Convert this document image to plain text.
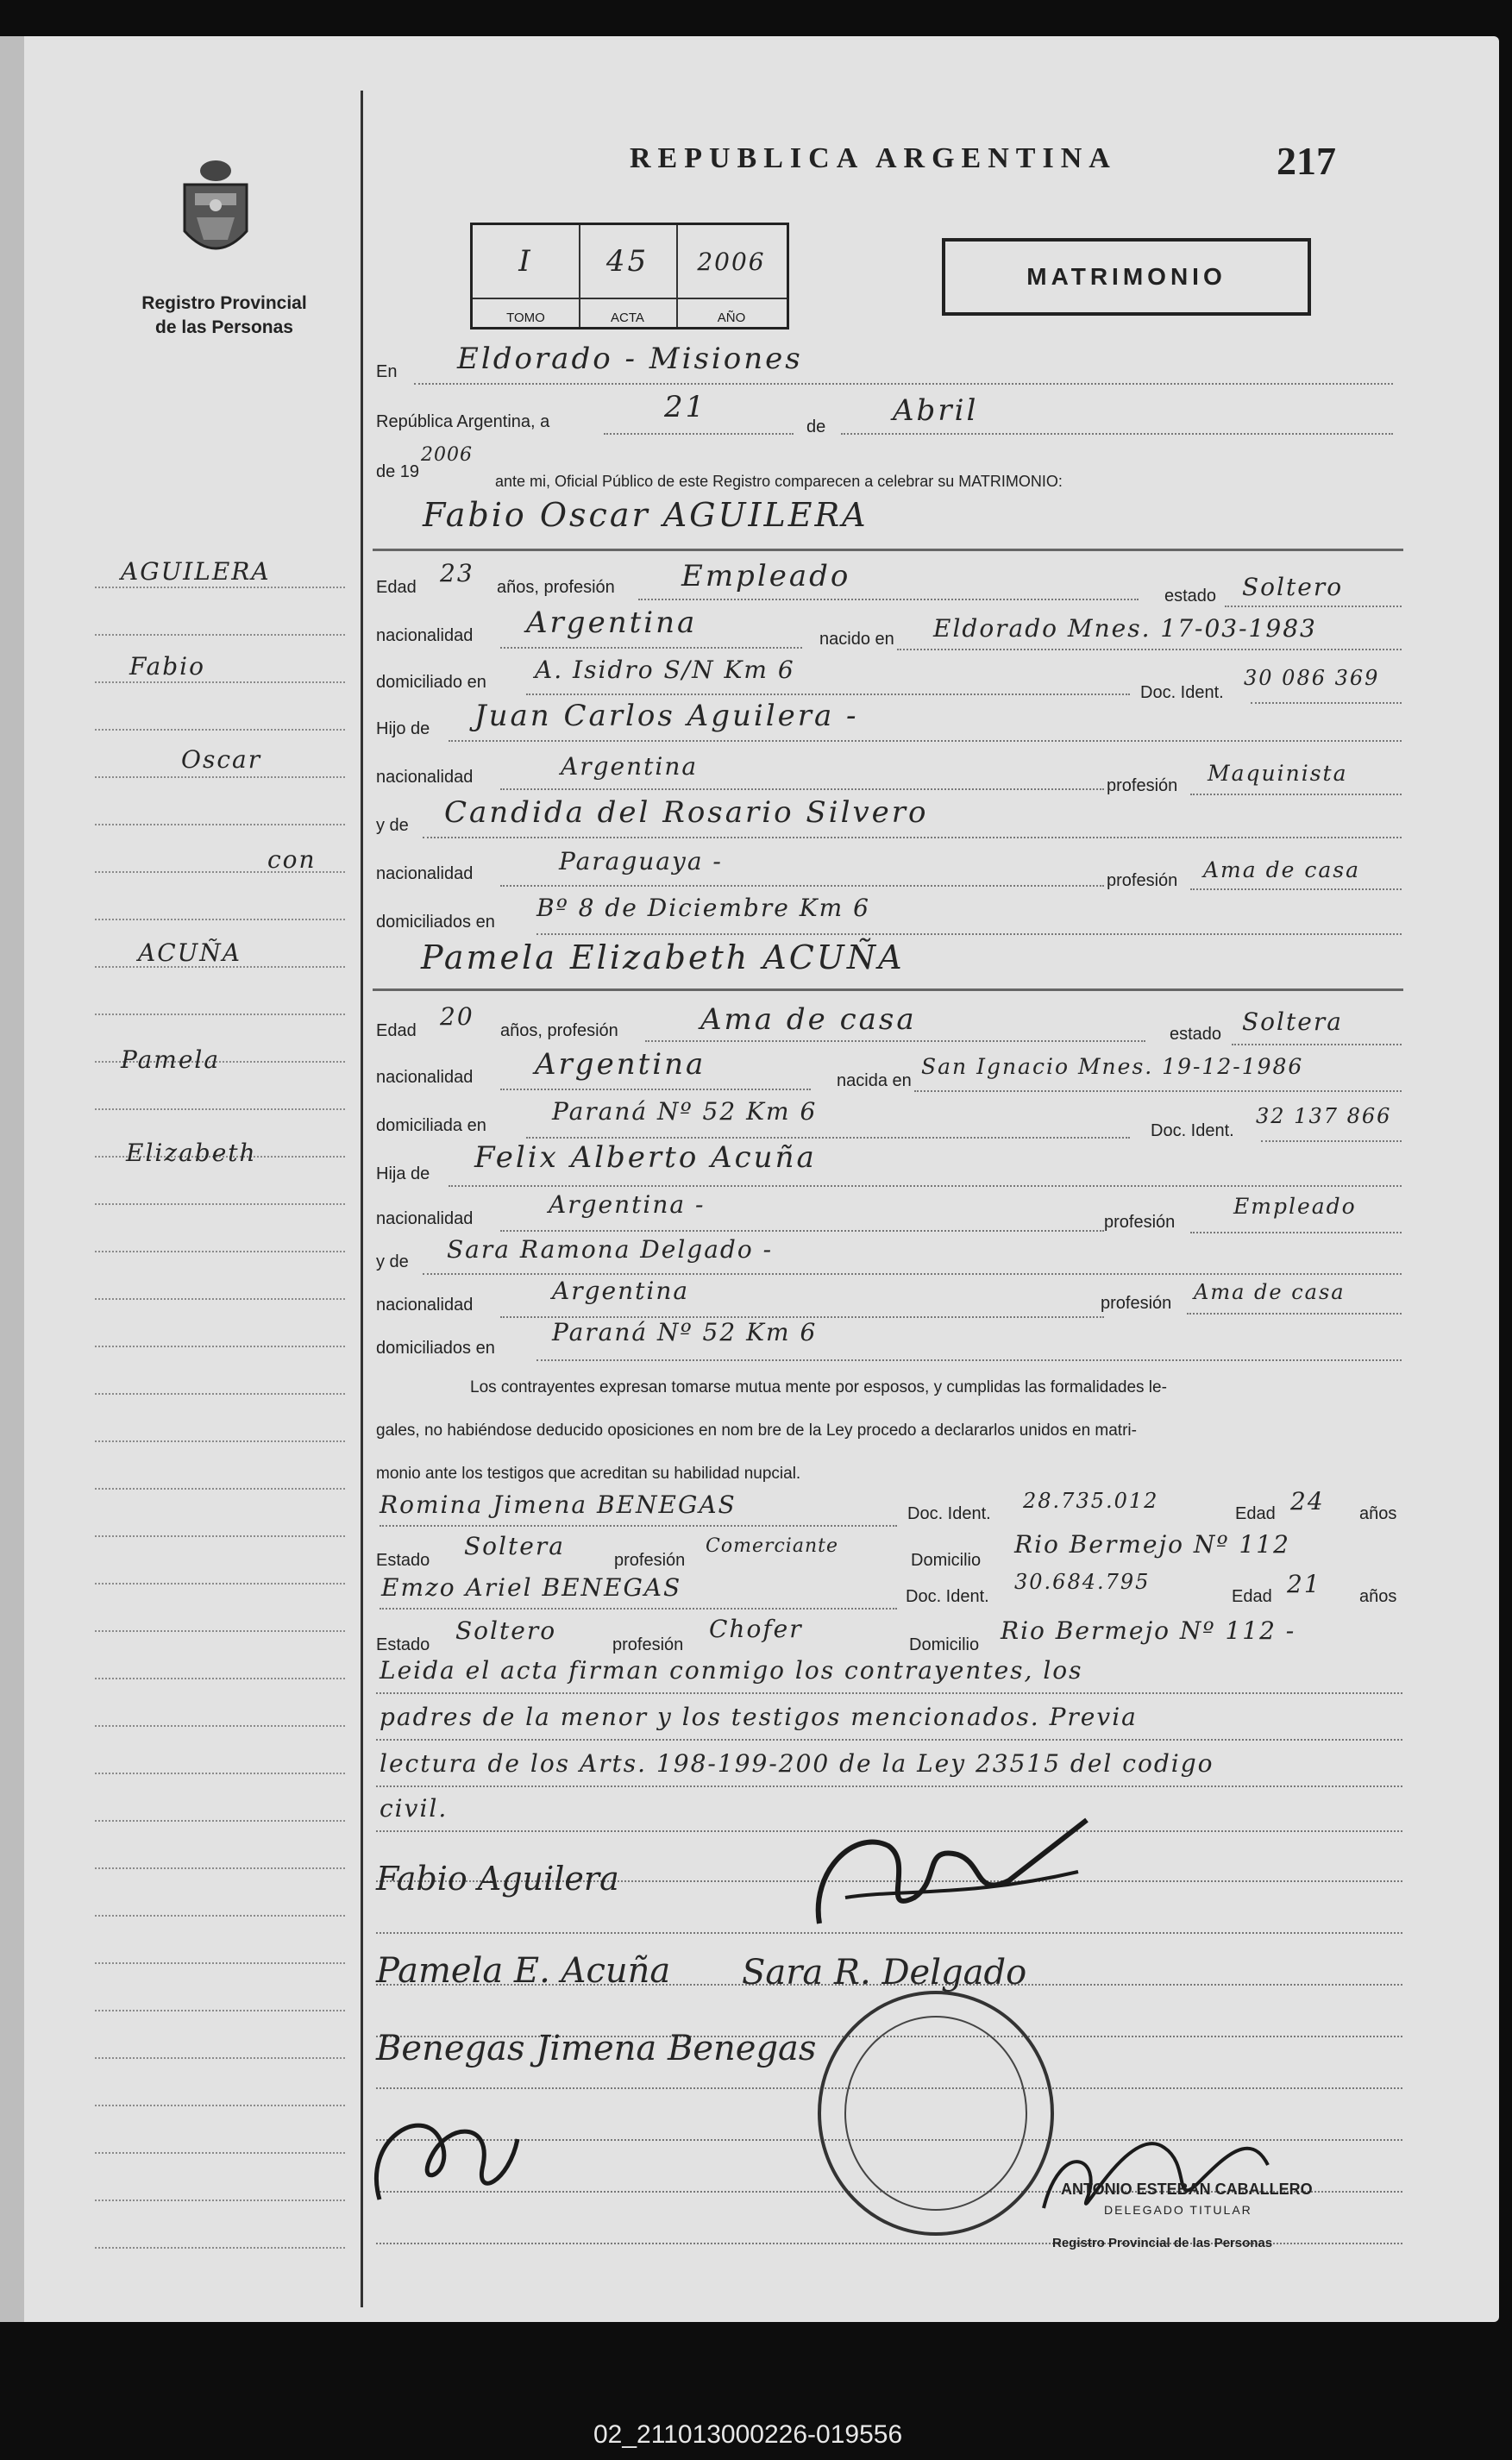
Registro Provincial
de las Personas
REPUBLICA ARGENTINA	217
I
TOMO
45
ACTA
2006
AÑO
MATRIMONIO
En Eldorado - Misiones
República Argentina, a	21
de Abril
de 19
2006
ante mi, Oficial Público de este Registro comparecen a celebrar su MATRIMONIO:
Fabio Oscar AGUILERA
Edad 23 años, profesión Empleado
estado Soltero
nacionalidad Argentina	nacido en Eldorado Mnes. 17-03-1983
domiciliado en A. Isidro S/N Km 6
Doc. Ident.
30 086 369
Hijo de Juan Carlos Aguilera -
nacionalidad	Argentina
profesión Maquinista
y de Candida del Rosario Silvero
nacionalidad	Paraguaya -
profesión Ama de casa
domiciliados en Bº 8 de Diciembre Km 6
Pamela Elizabeth ACUÑA
Edad 20 años, profesión	Ama de casa	estado Soltera
nacionalidad Argentina	nacida en
San Ignacio Mnes. 19-12-1986
domiciliada en	Paraná Nº 52 Km 6
Doc. Ident.
32 137 866
Hija de Felix Alberto Acuña
nacionalidad	Argentina -
profesión
Empleado
y de Sara Ramona Delgado -
nacionalidad	Argentina	profesión Ama de casa
domiciliados en
Paraná Nº 52 Km 6
Los contrayentes expresan tomarse mutua mente por esposos, y cumplidas las formalidades le-
gales, no habiéndose deducido oposiciones en nom bre de la Ley procedo a declararlos unidos en matri-
monio ante los testigos que acreditan su habilidad nupcial.
Romina Jimena BENEGAS	Doc. Ident.
28.735.012
Edad 24 años
Estado Soltera	profesión
Comerciante
Domicilio
Rio Bermejo Nº 112
Emzo Ariel BENEGAS	Doc. Ident.
30.684.795
Edad 21 años
Estado Soltero	profesión
Chofer
Domicilio Rio Bermejo Nº 112 -
Leida el acta firman conmigo los contrayentes, los
padres de la menor y los testigos mencionados. Previa
lectura de los Arts. 198-199-200 de la Ley 23515 del codigo
civil.
Fabio Aguilera
Pamela E. Acuña Sara R. Delgado
Benegas Jimena Benegas
ANTONIO ESTEBAN CABALLERO
DELEGADO TITULAR
Registro Provincial de las Personas
AGUILERA
Fabio
Oscar
con
ACUÑA
Pamela
Elizabeth
02_211013000226-019556
